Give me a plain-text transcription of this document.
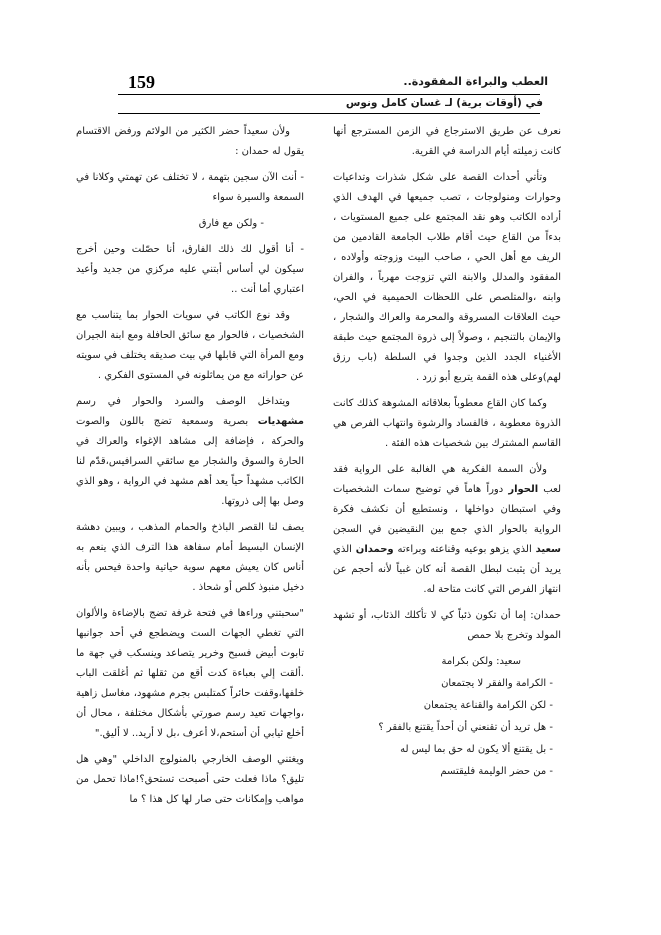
159	العطب والبراءة المفقودة..
في (أوقات برية) لـ غسان كامل ونوس

نعرف عن طريق الاسترجاع في الزمن المسترجع أنها كانت زميلته أيام الدراسة في القرية.

وتأتي أحداث القصة على شكل شذرات وتداعيات وحوارات ومنولوجات ، تصب جميعها في الهدف الذي أراده الكاتب وهو نقد المجتمع على جميع المستويات ، بدءاً من القاع حيث أقام طلاب الجامعة القادمين من الريف مع أهل الحي ، صاحب البيت وزوجته وأولاده ، المفقود والمدلل والابنة التي تزوجت مهرباً ، والفران وابنه ،والمتلصص على اللحظات الحميمية في الحي، حيث العلاقات المسروقة والمحرمة والعراك والشجار ، والإيمان بالتنجيم ، وصولاً إلى ذروة المجتمع حيث طبقة الأغنياء الجدد الذين وجدوا في السلطة (باب رزق لهم)وعلى هذه القمة يتربع أبو زرد .

وكما كان القاع معطوباً بعلاقاته المشوهة كذلك كانت الذروة معطوبة ، فالفساد والرشوة وانتهاب الفرص هي القاسم المشترك بين شخصيات هذه الفئة .

ولأن السمة الفكرية هي الغالبة على الرواية فقد لعب الحوار دوراً هاماً في توضيح سمات الشخصيات وفي استبطان دواخلها ، ونستطيع أن نكشف فكرة الرواية بالحوار الذي جمع بين النقيضين في السجن سعيد الذي يزهو بوعيه وقناعته وبراءته وحمدان الذي يريد أن يثبت لبطل القصة أنه كان غبياً لأنه أحجم عن انتهاز الفرص التي كانت متاحة له.

حمدان: إما أن تكون ذئباً كي لا تأكلك الذئاب، أو تشهد المولد وتخرج بلا حمص

سعيد: ولكن بكرامة

- الكرامة والفقر لا يجتمعان

- لكن الكرامة والقناعة يجتمعان

- هل تريد أن تقنعني أن أحداً يقتنع بالفقر ؟

- بل يقتنع ألا يكون له حق بما ليس له

- من حضر الوليمة فليقتسم

ولأن سعيداً حضر الكثير من الولائم ورفض الاقتسام يقول له حمدان :

- أنت الآن سجين بتهمة ، لا تختلف عن تهمتي وكلانا في السمعة والسيرة سواء

- ولكن مع فارق

- أنا أقول لك ذلك الفارق، أنا حصّلت وحين أخرج سيكون لي أساس أبتني عليه مركزي من جديد وأعيد اعتباري أما أنت ..

وقد نوع الكاتب في سويات الحوار بما يتناسب مع الشخصيات ، فالحوار مع سائق الحافلة ومع ابنة الجيران ومع المرأة التي قابلها في بيت صديقه يختلف في سويته عن حواراته مع من يماثلونه في المستوى الفكري .

ويتداخل الوصف والسرد والحوار في رسم مشهديات بصرية وسمعية تضج باللون والصوت والحركة ، فإضافة إلى مشاهد الإغواء والعراك في الحارة والسوق والشجار مع سائقي السرافيس،قدّم لنا الكاتب مشهداً حياً يعد أهم مشهد في الرواية ، وهو الذي وصل بها إلى ذروتها.

يصف لنا القصر الباذخ والحمام المذهب ، ويبين دهشة الإنسان البسيط أمام سفاهة هذا الترف الذي ينعم به أناس كان يعيش معهم سوية حياتية واحدة فيحس بأنه دخيل منبوذ كلص أو شحاذ .

"سحبتني وراءها في فتحة غرفة تضج بالإضاءة والألوان التي تغطي الجهات الست ويضطجع في أحد جوانبها تابوت أبيض فسيح وخرير يتصاعد وينسكب في جهة ما .ألقت إلي بعباءة كدت أقع من ثقلها ثم أغلقت الباب خلفها،وقفت حائراً كمتلبس بجرم مشهود، مغاسل زاهية ،واجهات تعيد رسم صورتي بأشكال مختلفة ، محال أن أخلع ثيابي أن أستحم،لا أعرف ،بل لا أريد.. لا أليق."

ويغتني الوصف الخارجي بالمنولوج الداخلي "وهي هل تليق؟ ماذا فعلت حتى أصبحت تستحق؟!ماذا تحمل من مواهب وإمكانات حتى صار لها كل هذا ؟ ما
